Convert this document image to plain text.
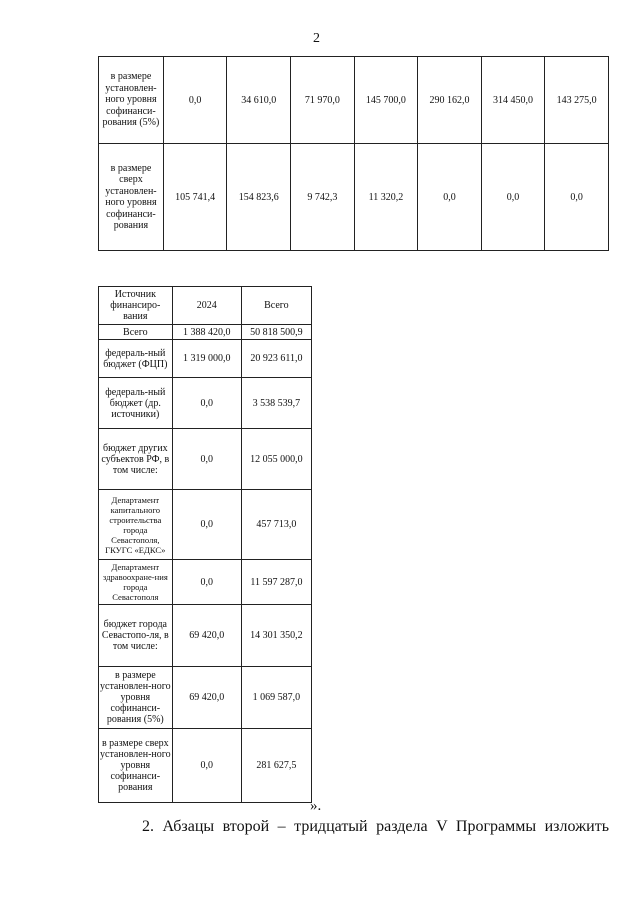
2
в размере установлен-ного уровня софинанси-рования (5%)	0,0	34 610,0	71 970,0	145 700,0	290 162,0	314 450,0	143 275,0
в размере сверх установлен-ного уровня софинанси-рования	105 741,4	154 823,6	9 742,3	11 320,2	0,0	0,0	0,0
Источник финансиро-вания	2024	Всего
Всего	1 388 420,0	50 818 500,9
федераль-ный бюджет (ФЦП)	1 319 000,0	20 923 611,0
федераль-ный бюджет (др. источники)	0,0	3 538 539,7
бюджет других субъектов РФ, в том числе:	0,0	12 055 000,0
Департамент капитального строительства города Севастополя, ГКУГС «ЕДКС»	0,0	457 713,0
Департамент здравоохране-ния города Севастополя	0,0	11 597 287,0
бюджет города Севастопо-ля, в том числе:	69 420,0	14 301 350,2
в размере установлен-ного уровня софинанси-рования (5%)	69 420,0	1 069 587,0
в размере сверх установлен-ного уровня софинанси-рования	0,0	281 627,5
».
2. Абзацы второй – тридцатый раздела V Программы изложить
